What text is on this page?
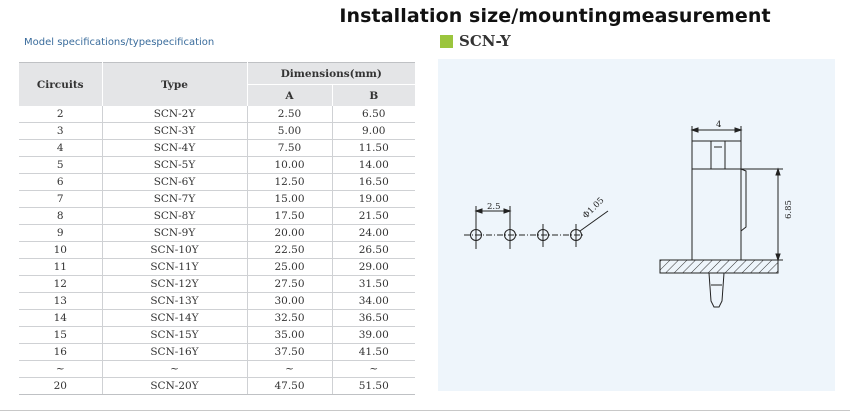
Installation size/mountingmeasurement
Model specifications/typespecification	SCN-Y
Circuits	Type	Dimensions(mm)	
		A	B
2	SCN-2Y	2.50	6.50
3	SCN-3Y	5.00	9.00
4	SCN-4Y	7.50	11.50
5	SCN-5Y	10.00	14.00
6	SCN-6Y	12.50	16.50
7	SCN-7Y	15.00	19.00
8	SCN-8Y	17.50	21.50
9	SCN-9Y	20.00	24.00
10	SCN-10Y	22.50	26.50
11	SCN-11Y	25.00	29.00
12	SCN-12Y	27.50	31.50
13	SCN-13Y	30.00	34.00
14	SCN-14Y	32.50	36.50
15	SCN-15Y	35.00	39.00
16	SCN-16Y	37.50	41.50
~	~	~	~
20	SCN-20Y	47.50	51.50
2.5	Φ1.05
4
6.85
